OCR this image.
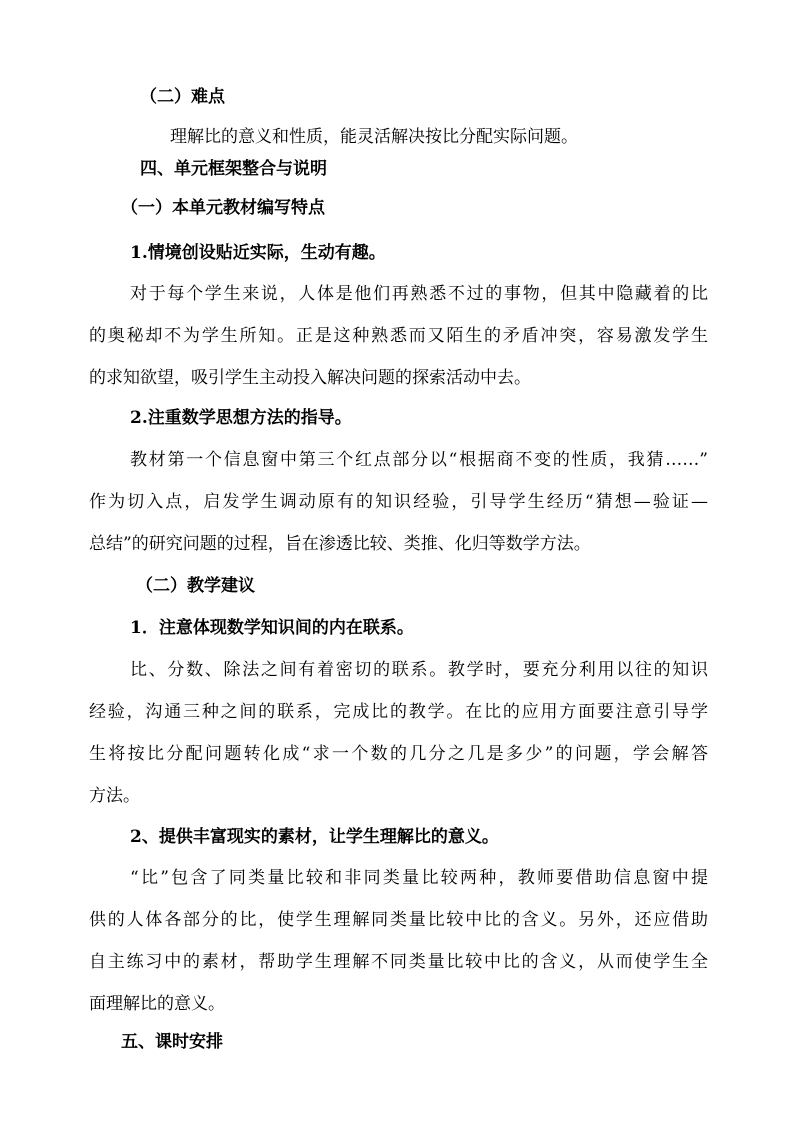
（二）难点

理解比的意义和性质，能灵活解决按比分配实际问题。

四、单元框架整合与说明

（一）本单元教材编写特点

1.情境创设贴近实际，生动有趣。

对于每个学生来说，人体是他们再熟悉不过的事物，但其中隐藏着的比

的奥秘却不为学生所知。正是这种熟悉而又陌生的矛盾冲突，容易激发学生

的求知欲望，吸引学生主动投入解决问题的探索活动中去。

2.注重数学思想方法的指导。

教材第一个信息窗中第三个红点部分以“根据商不变的性质，我猜……”

作为切入点，启发学生调动原有的知识经验，引导学生经历“猜想—验证—

总结”的研究问题的过程，旨在渗透比较、类推、化归等数学方法。

（二）教学建议

1．注意体现数学知识间的内在联系。

比、分数、除法之间有着密切的联系。教学时，要充分利用以往的知识

经验，沟通三种之间的联系，完成比的教学。在比的应用方面要注意引导学

生将按比分配问题转化成“求一个数的几分之几是多少”的问题，学会解答

方法。

2、提供丰富现实的素材，让学生理解比的意义。

“比”包含了同类量比较和非同类量比较两种，教师要借助信息窗中提

供的人体各部分的比，使学生理解同类量比较中比的含义。另外，还应借助

自主练习中的素材，帮助学生理解不同类量比较中比的含义，从而使学生全

面理解比的意义。

五、课时安排
